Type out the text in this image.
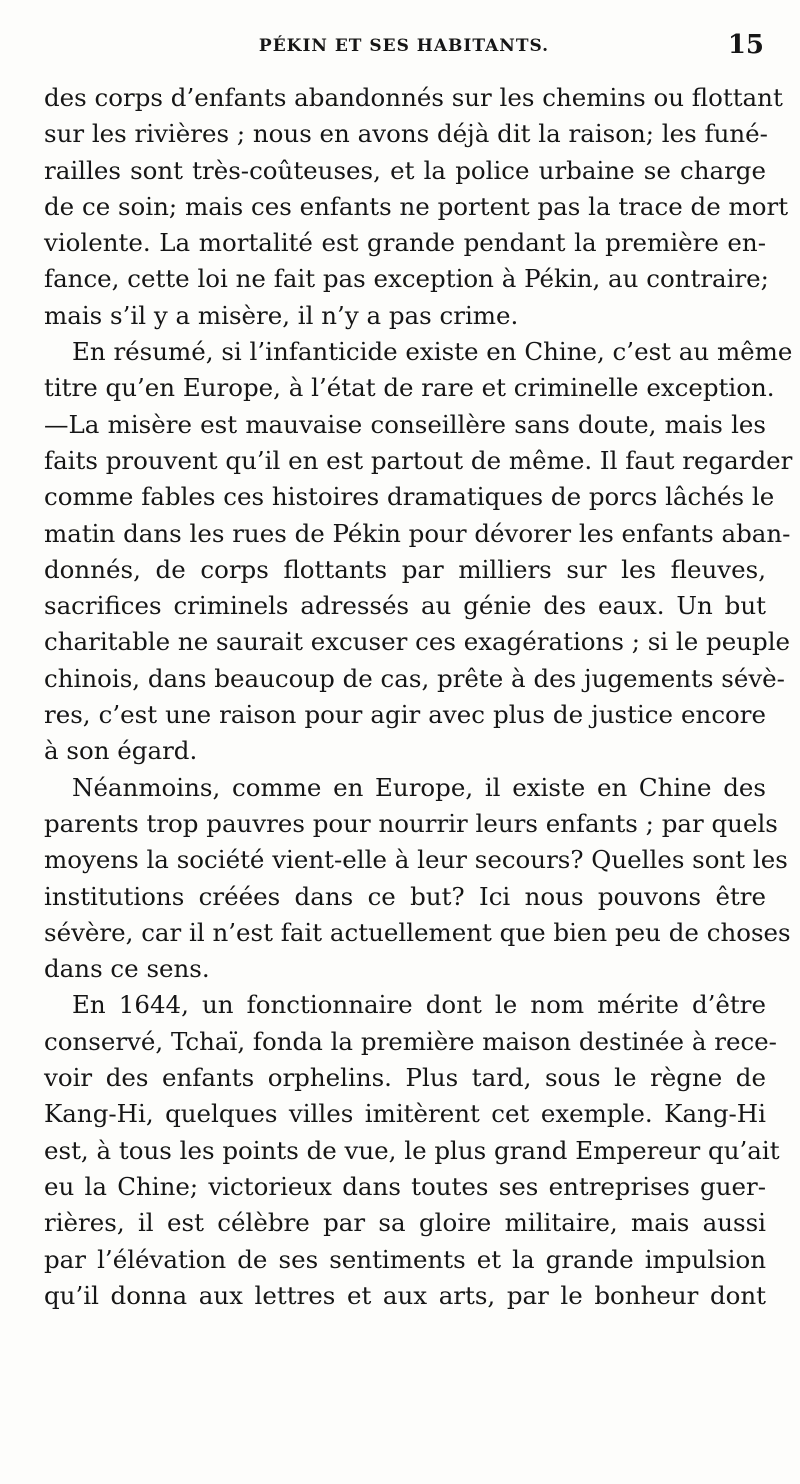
PÉKIN ET SES HABITANTS.	15
des corps d’enfants abandonnés sur les chemins ou flottant
sur les rivières ; nous en avons déjà dit la raison; les funé-
railles sont très-coûteuses, et la police urbaine se charge
de ce soin; mais ces enfants ne portent pas la trace de mort
violente. La mortalité est grande pendant la première en-
fance, cette loi ne fait pas exception à Pékin, au contraire;
mais s’il y a misère, il n’y a pas crime.
En résumé, si l’infanticide existe en Chine, c’est au même
titre qu’en Europe, à l’état de rare et criminelle exception.
—La misère est mauvaise conseillère sans doute, mais les
faits prouvent qu’il en est partout de même. Il faut regarder
comme fables ces histoires dramatiques de porcs lâchés le
matin dans les rues de Pékin pour dévorer les enfants aban-
donnés, de corps flottants par milliers sur les fleuves,
sacrifices criminels adressés au génie des eaux. Un but
charitable ne saurait excuser ces exagérations ; si le peuple
chinois, dans beaucoup de cas, prête à des jugements sévè-
res, c’est une raison pour agir avec plus de justice encore
à son égard.
Néanmoins, comme en Europe, il existe en Chine des
parents trop pauvres pour nourrir leurs enfants ; par quels
moyens la société vient-elle à leur secours? Quelles sont les
institutions créées dans ce but? Ici nous pouvons être
sévère, car il n’est fait actuellement que bien peu de choses
dans ce sens.
En 1644, un fonctionnaire dont le nom mérite d’être
conservé, Tchaï, fonda la première maison destinée à rece-
voir des enfants orphelins. Plus tard, sous le règne de
Kang-Hi, quelques villes imitèrent cet exemple. Kang-Hi
est, à tous les points de vue, le plus grand Empereur qu’ait
eu la Chine; victorieux dans toutes ses entreprises guer-
rières, il est célèbre par sa gloire militaire, mais aussi
par l’élévation de ses sentiments et la grande impulsion
qu’il donna aux lettres et aux arts, par le bonheur dont
